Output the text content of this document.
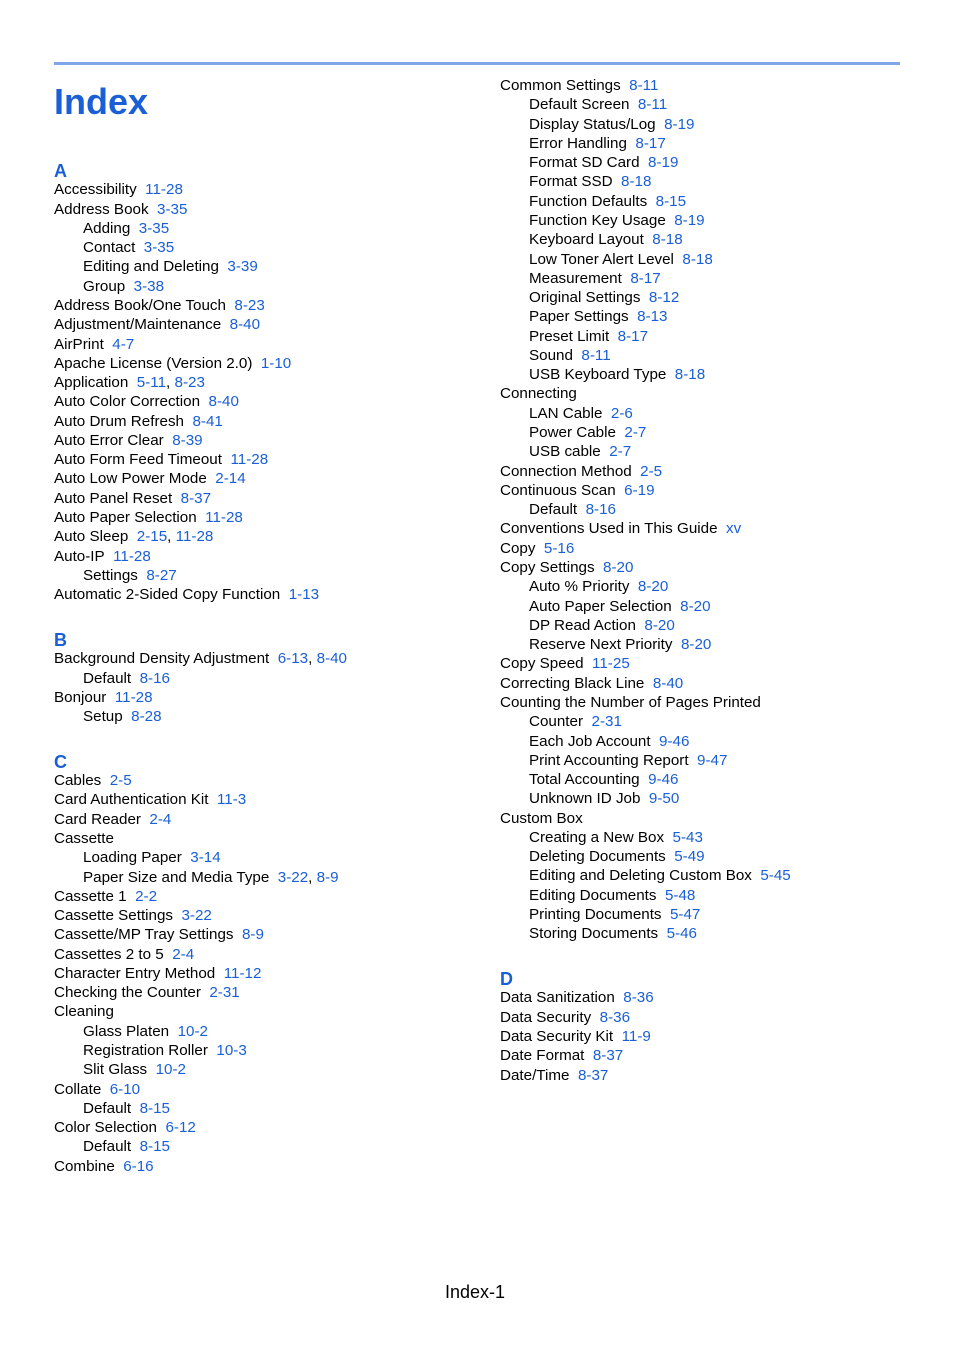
Index
A
Accessibility 11-28
Address Book 3-35
Adding 3-35
Contact 3-35
Editing and Deleting 3-39
Group 3-38
Address Book/One Touch 8-23
Adjustment/Maintenance 8-40
AirPrint 4-7
Apache License (Version 2.0) 1-10
Application 5-11, 8-23
Auto Color Correction 8-40
Auto Drum Refresh 8-41
Auto Error Clear 8-39
Auto Form Feed Timeout 11-28
Auto Low Power Mode 2-14
Auto Panel Reset 8-37
Auto Paper Selection 11-28
Auto Sleep 2-15, 11-28
Auto-IP 11-28
Settings 8-27
Automatic 2-Sided Copy Function 1-13
B
Background Density Adjustment 6-13, 8-40
Default 8-16
Bonjour 11-28
Setup 8-28
C
Cables 2-5
Card Authentication Kit 11-3
Card Reader 2-4
Cassette
Loading Paper 3-14
Paper Size and Media Type 3-22, 8-9
Cassette 1 2-2
Cassette Settings 3-22
Cassette/MP Tray Settings 8-9
Cassettes 2 to 5 2-4
Character Entry Method 11-12
Checking the Counter 2-31
Cleaning
Glass Platen 10-2
Registration Roller 10-3
Slit Glass 10-2
Collate 6-10
Default 8-15
Color Selection 6-12
Default 8-15
Combine 6-16
Common Settings 8-11
Default Screen 8-11
Display Status/Log 8-19
Error Handling 8-17
Format SD Card 8-19
Format SSD 8-18
Function Defaults 8-15
Function Key Usage 8-19
Keyboard Layout 8-18
Low Toner Alert Level 8-18
Measurement 8-17
Original Settings 8-12
Paper Settings 8-13
Preset Limit 8-17
Sound 8-11
USB Keyboard Type 8-18
Connecting
LAN Cable 2-6
Power Cable 2-7
USB cable 2-7
Connection Method 2-5
Continuous Scan 6-19
Default 8-16
Conventions Used in This Guide xv
Copy 5-16
Copy Settings 8-20
Auto % Priority 8-20
Auto Paper Selection 8-20
DP Read Action 8-20
Reserve Next Priority 8-20
Copy Speed 11-25
Correcting Black Line 8-40
Counting the Number of Pages Printed
Counter 2-31
Each Job Account 9-46
Print Accounting Report 9-47
Total Accounting 9-46
Unknown ID Job 9-50
Custom Box
Creating a New Box 5-43
Deleting Documents 5-49
Editing and Deleting Custom Box 5-45
Editing Documents 5-48
Printing Documents 5-47
Storing Documents 5-46
D
Data Sanitization 8-36
Data Security 8-36
Data Security Kit 11-9
Date Format 8-37
Date/Time 8-37
Index-1
